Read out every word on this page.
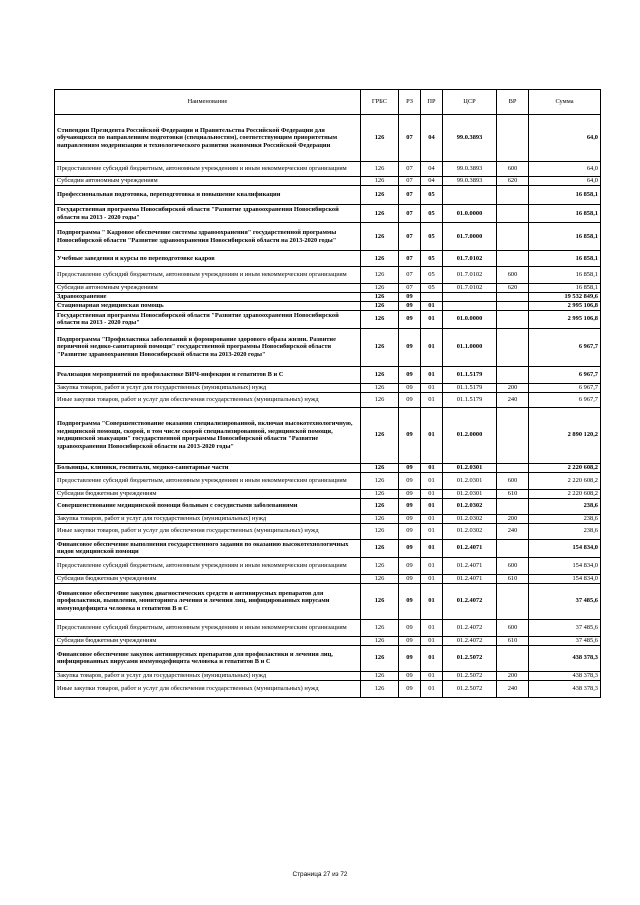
Наименование	ГРБС	РЗ	ПР	ЦСР	ВР	Сумма
Стипендии Президента Российской Федерации и Правительства Российской Федерации для обучающихся по направлениям подготовки (специальностям), соответствующим приоритетным направлениям модернизации и технологического развития экономики Российской Федерации	126	07	04	99.0.3893		64,0
Предоставление субсидий бюджетным, автономным учреждениям и иным некоммерческим организациям	126	07	04	99.0.3893	600	64,0
Субсидии автономным учреждениям	126	07	04	99.0.3893	620	64,0
Профессиональная подготовка, переподготовка и повышение квалификации	126	07	05			16 858,1
Государственная программа Новосибирской области "Развитие здравоохранения Новосибирской области на 2013 - 2020 годы"	126	07	05	01.0.0000		16 858,1
Подпрограмма " Кадровое обеспечение системы здравоохранения" государственной программы Новосибирской области "Развитие здравоохранения Новосибирской области на 2013-2020 годы"	126	07	05	01.7.0000		16 858,1
Учебные заведения и курсы по переподготовке кадров	126	07	05	01.7.0102		16 858,1
Предоставление субсидий бюджетным, автономным учреждениям и иным некоммерческим организациям	126	07	05	01.7.0102	600	16 858,1
Субсидии автономным учреждениям	126	07	05	01.7.0102	620	16 858,1
Здравоохранение	126	09				19 532 849,6
Стационарная медицинская помощь	126	09	01			2 995 106,8
Государственная программа Новосибирской области "Развитие здравоохранения Новосибирской области на 2013 - 2020 годы"	126	09	01	01.0.0000		2 995 106,8
Подпрограмма "Профилактика заболеваний и формирование здорового образа жизни. Развитие первичной медико-санитарной помощи" государственной программы Новосибирской области "Развитие здравоохранения Новосибирской области на 2013-2020 годы"	126	09	01	01.1.0000		6 967,7
Реализация мероприятий по профилактике ВИЧ-инфекции и гепатитов В и С	126	09	01	01.1.5179		6 967,7
Закупка товаров, работ и услуг для государственных (муниципальных) нужд	126	09	01	01.1.5179	200	6 967,7
Иные закупки товаров, работ и услуг для обеспечения государственных (муниципальных) нужд	126	09	01	01.1.5179	240	6 967,7
Подпрограмма "Совершенствование оказания специализированной, включая высокотехнологичную, медицинской помощи, скорой, в том числе скорой специализированной, медицинской помощи, медицинской эвакуации" государственной программы Новосибирской области "Развитие здравоохранения Новосибирской области на 2013-2020 годы"	126	09	01	01.2.0000		2 890 120,2
Больницы, клиники, госпитали, медико-санитарные части	126	09	01	01.2.0301		2 220 608,2
Предоставление субсидий бюджетным, автономным учреждениям и иным некоммерческим организациям	126	09	01	01.2.0301	600	2 220 608,2
Субсидии бюджетным учреждениям	126	09	01	01.2.0301	610	2 220 608,2
Совершенствование медицинской помощи больным с сосудистыми заболеваниями	126	09	01	01.2.0302		238,6
Закупка товаров, работ и услуг для государственных (муниципальных) нужд	126	09	01	01.2.0302	200	238,6
Иные закупки товаров, работ и услуг для обеспечения государственных (муниципальных) нужд	126	09	01	01.2.0302	240	238,6
Финансовое обеспечение выполнения государственного задания по оказанию высокотехнологичных видов медицинской помощи	126	09	01	01.2.4071		154 834,0
Предоставление субсидий бюджетным, автономным учреждениям и иным некоммерческим организациям	126	09	01	01.2.4071	600	154 834,0
Субсидии бюджетным учреждениям	126	09	01	01.2.4071	610	154 834,0
Финансовое обеспечение закупок диагностических средств и антивирусных препаратов для профилактики, выявления, мониторинга лечения и лечения лиц, инфицированных вирусами иммунодефицита человека и гепатитов В и С	126	09	01	01.2.4072		37 485,6
Предоставление субсидий бюджетным, автономным учреждениям и иным некоммерческим организациям	126	09	01	01.2.4072	600	37 485,6
Субсидии бюджетным учреждениям	126	09	01	01.2.4072	610	37 485,6
Финансовое обеспечение закупок антивирусных препаратов для профилактики и лечения лиц, инфицированных вирусами иммунодефицита человека и гепатитов В и С	126	09	01	01.2.5072		438 378,3
Закупка товаров, работ и услуг для государственных (муниципальных) нужд	126	09	01	01.2.5072	200	438 378,3
Иные закупки товаров, работ и услуг для обеспечения государственных (муниципальных) нужд	126	09	01	01.2.5072	240	438 378,3
Страница 27 из 72
